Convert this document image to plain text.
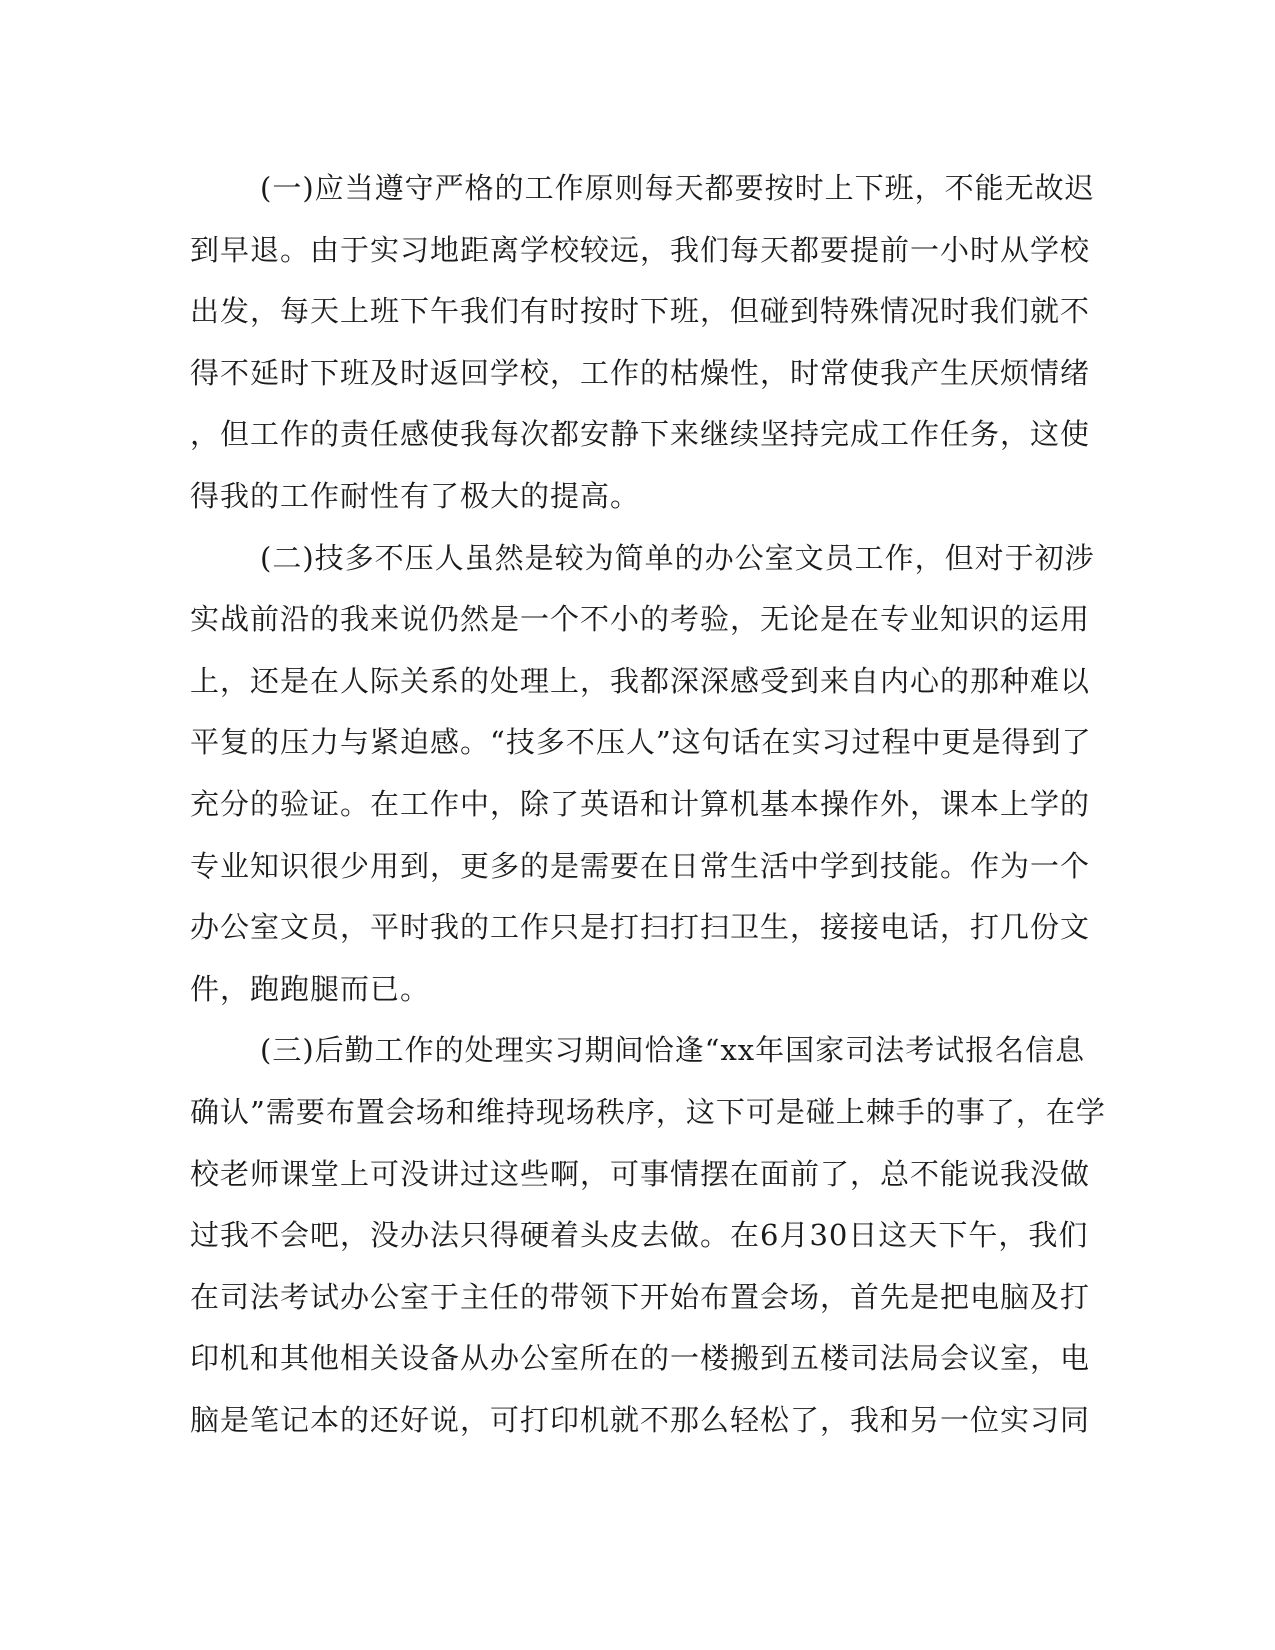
(一)应当遵守严格的工作原则每天都要按时上下班，不能无故迟
到早退。由于实习地距离学校较远，我们每天都要提前一小时从学校
出发，每天上班下午我们有时按时下班，但碰到特殊情况时我们就不
得不延时下班及时返回学校，工作的枯燥性，时常使我产生厌烦情绪
，但工作的责任感使我每次都安静下来继续坚持完成工作任务，这使
得我的工作耐性有了极大的提高。
(二)技多不压人虽然是较为简单的办公室文员工作，但对于初涉
实战前沿的我来说仍然是一个不小的考验，无论是在专业知识的运用
上，还是在人际关系的处理上，我都深深感受到来自内心的那种难以
平复的压力与紧迫感。“技多不压人”这句话在实习过程中更是得到了
充分的验证。在工作中，除了英语和计算机基本操作外，课本上学的
专业知识很少用到，更多的是需要在日常生活中学到技能。作为一个
办公室文员，平时我的工作只是打扫打扫卫生，接接电话，打几份文
件，跑跑腿而已。
(三)后勤工作的处理实习期间恰逢“xx年国家司法考试报名信息
确认”需要布置会场和维持现场秩序，这下可是碰上棘手的事了，在学
校老师课堂上可没讲过这些啊，可事情摆在面前了，总不能说我没做
过我不会吧，没办法只得硬着头皮去做。在6月30日这天下午，我们
在司法考试办公室于主任的带领下开始布置会场，首先是把电脑及打
印机和其他相关设备从办公室所在的一楼搬到五楼司法局会议室，电
脑是笔记本的还好说，可打印机就不那么轻松了，我和另一位实习同
